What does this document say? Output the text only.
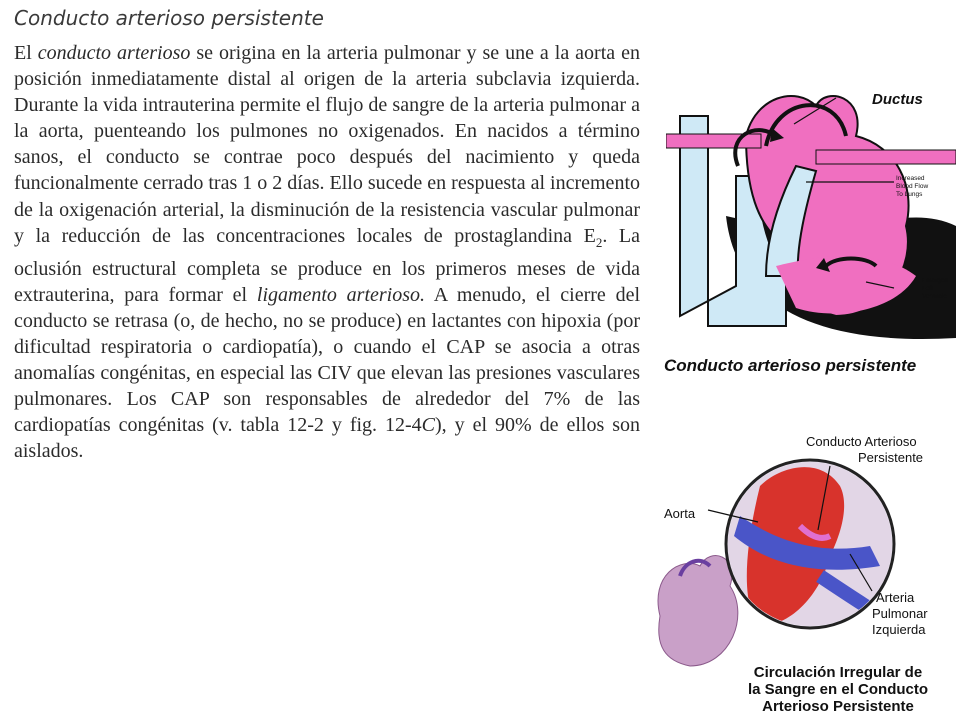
Conducto arterioso persistente

El conducto arterioso se origina en la arteria pulmonar y se une a la aorta en posición inmediatamente distal al origen de la arteria subclavia izquierda. Durante la vida intrauterina permite el flujo de sangre de la arteria pulmonar a la aorta, puenteando los pulmones no oxigenados. En nacidos a término sanos, el conducto se contrae poco después del nacimiento y queda funcionalmente cerrado tras 1 o 2 días. Ello sucede en respuesta al incremento de la oxigenación arterial, la disminución de la resistencia vascular pulmonar y la reducción de las concentraciones locales de prostaglandina $E_2$. La oclusión estructural completa se produce en los primeros meses de vida extrauterina, para formar el ligamento arterioso. A menudo, el cierre del conducto se retrasa (o, de hecho, no se produce) en lactantes con hipoxia (por dificultad respiratoria o cardiopatía), o cuando el CAP se asocia a otras anomalías congénitas, en especial las CIV que elevan las presiones vasculares pulmonares. Los CAP son responsables de alrededor del 7% de las cardiopatías congénitas (v. tabla 12-2 y fig. 12-4C), y el 90% de ellos son aislados.

Ductus
Increased
Blood Flow
To Lungs
Enlarged
Left
Ventricle
Conducto arterioso persistente
Conducto Arterioso
Persistente
Aorta
Arteria
Pulmonar
Izquierda
Circulación Irregular de
la Sangre en el Conducto
Arterioso Persistente
